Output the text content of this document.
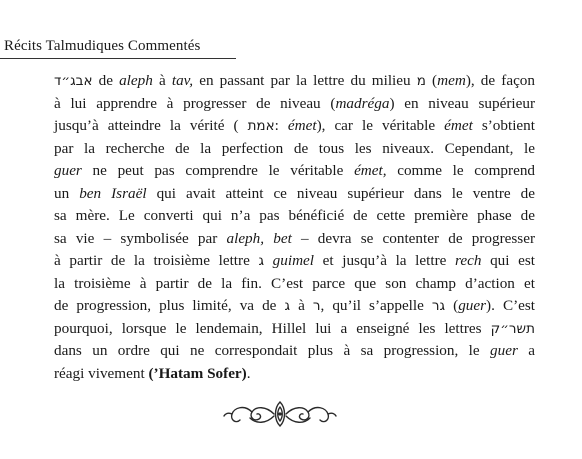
Récits Talmudiques Commentés
אבג״ד de aleph à tav, en passant par la lettre du milieu מ (mem), de façon
à lui apprendre à progresser de niveau (madréga) en niveau supérieur
jusqu’à atteindre la vérité ( אמת: émet), car le véritable émet s’obtient
par la recherche de la perfection de tous les niveaux. Cependant, le
guer ne peut pas comprendre le véritable émet, comme le comprend
un ben Israël qui avait atteint ce niveau supérieur dans le ventre de
sa mère. Le converti qui n’a pas bénéficié de cette première phase de
sa vie – symbolisée par aleph, bet – devra se contenter de progresser
à partir de la troisième lettre ג guimel et jusqu’à la lettre rech qui est
la troisième à partir de la fin. C’est parce que son champ d’action et
de progression, plus limité, va de ג à ר, qu’il s’appelle גר (guer). C’est
pourquoi, lorsque le lendemain, Hillel lui a enseigné les lettres תשר״ק
dans un ordre qui ne correspondait plus à sa progression, le guer a
réagi vivement (’Hatam Sofer).
